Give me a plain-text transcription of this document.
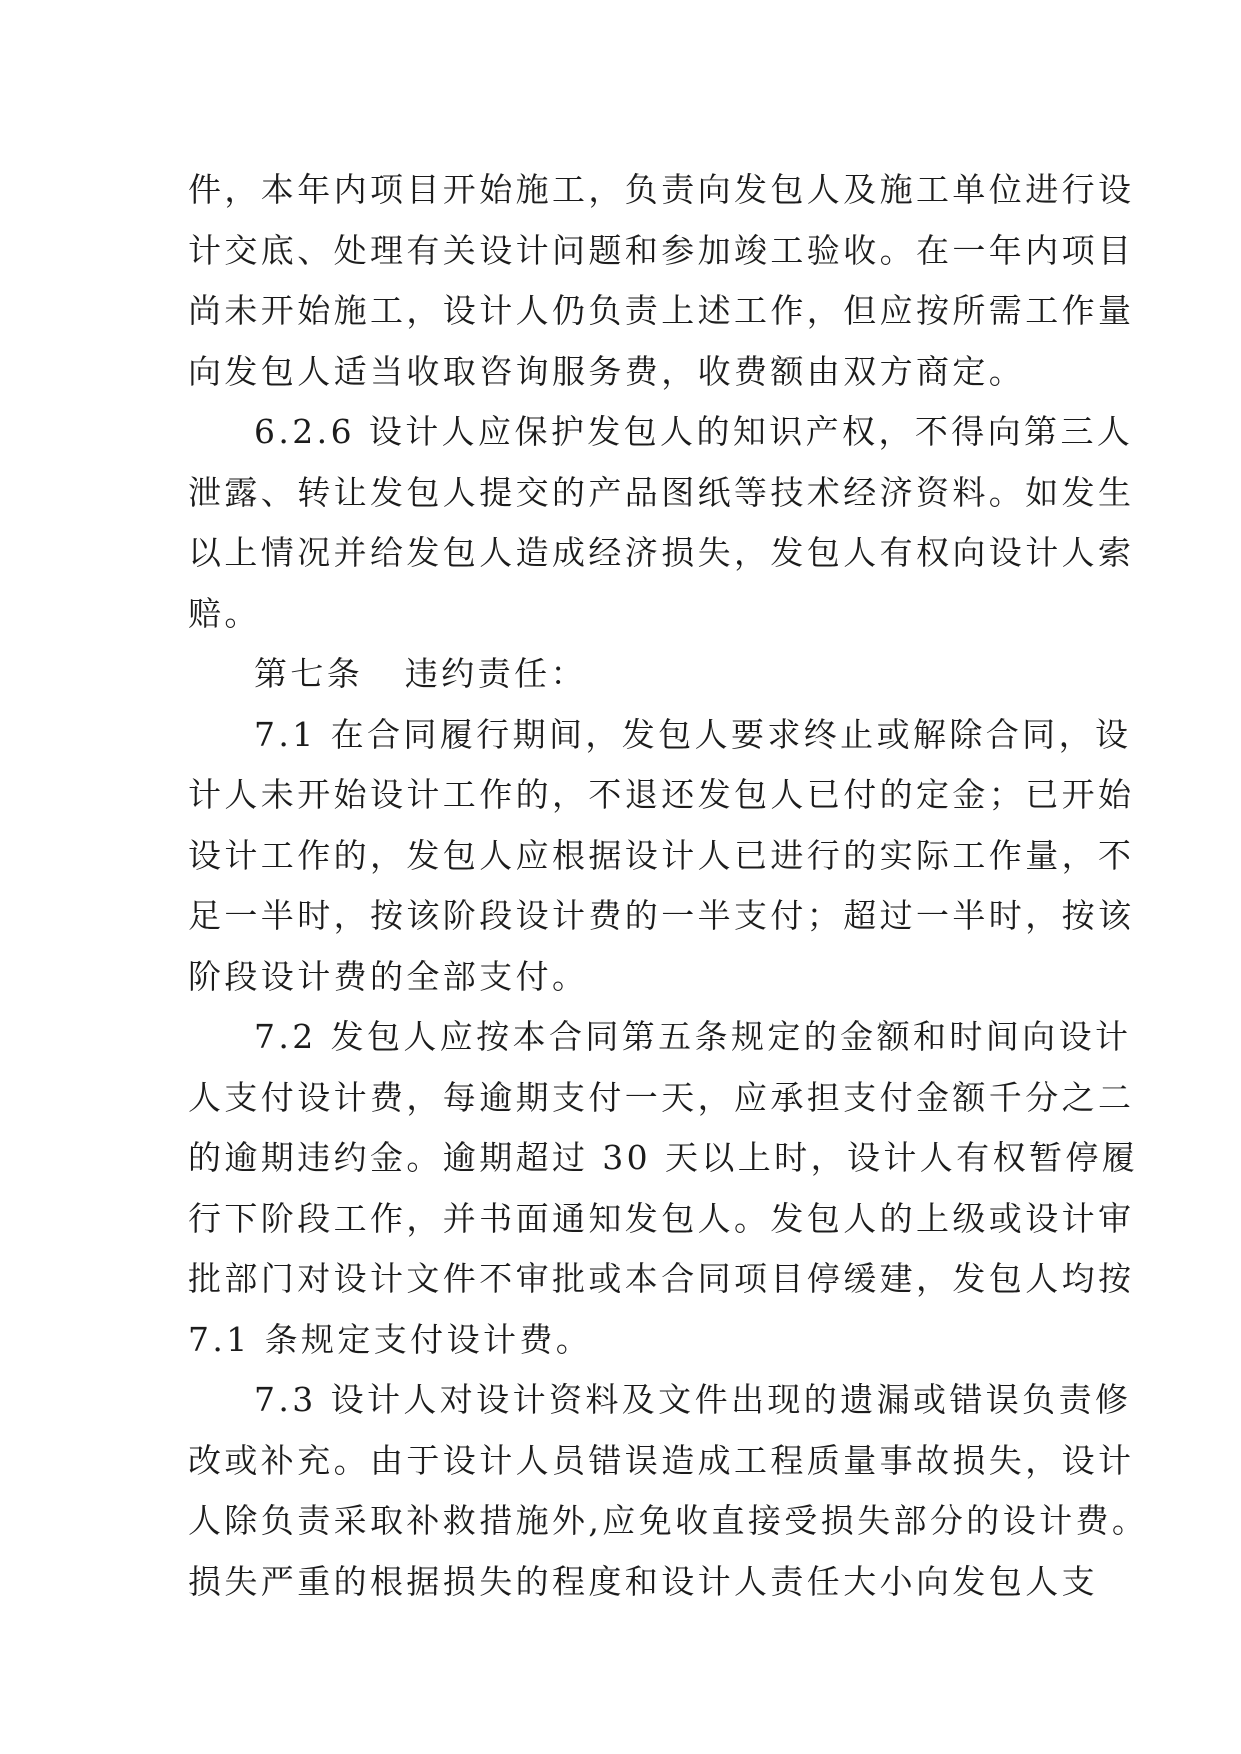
件，本年内项目开始施工，负责向发包人及施工单位进行设
计交底、处理有关设计问题和参加竣工验收。在一年内项目
尚未开始施工，设计人仍负责上述工作，但应按所需工作量
向发包人适当收取咨询服务费，收费额由双方商定。
6.2.6 设计人应保护发包人的知识产权，不得向第三人
泄露、转让发包人提交的产品图纸等技术经济资料。如发生
以上情况并给发包人造成经济损失，发包人有权向设计人索
赔。
第七条   违约责任：
7.1 在合同履行期间，发包人要求终止或解除合同，设
计人未开始设计工作的，不退还发包人已付的定金；已开始
设计工作的，发包人应根据设计人已进行的实际工作量，不
足一半时，按该阶段设计费的一半支付；超过一半时，按该
阶段设计费的全部支付。
7.2 发包人应按本合同第五条规定的金额和时间向设计
人支付设计费，每逾期支付一天，应承担支付金额千分之二
的逾期违约金。逾期超过 30 天以上时，设计人有权暂停履
行下阶段工作，并书面通知发包人。发包人的上级或设计审
批部门对设计文件不审批或本合同项目停缓建，发包人均按
7.1 条规定支付设计费。
7.3 设计人对设计资料及文件出现的遗漏或错误负责修
改或补充。由于设计人员错误造成工程质量事故损失，设计
人除负责采取补救措施外,应免收直接受损失部分的设计费。
损失严重的根据损失的程度和设计人责任大小向发包人支
